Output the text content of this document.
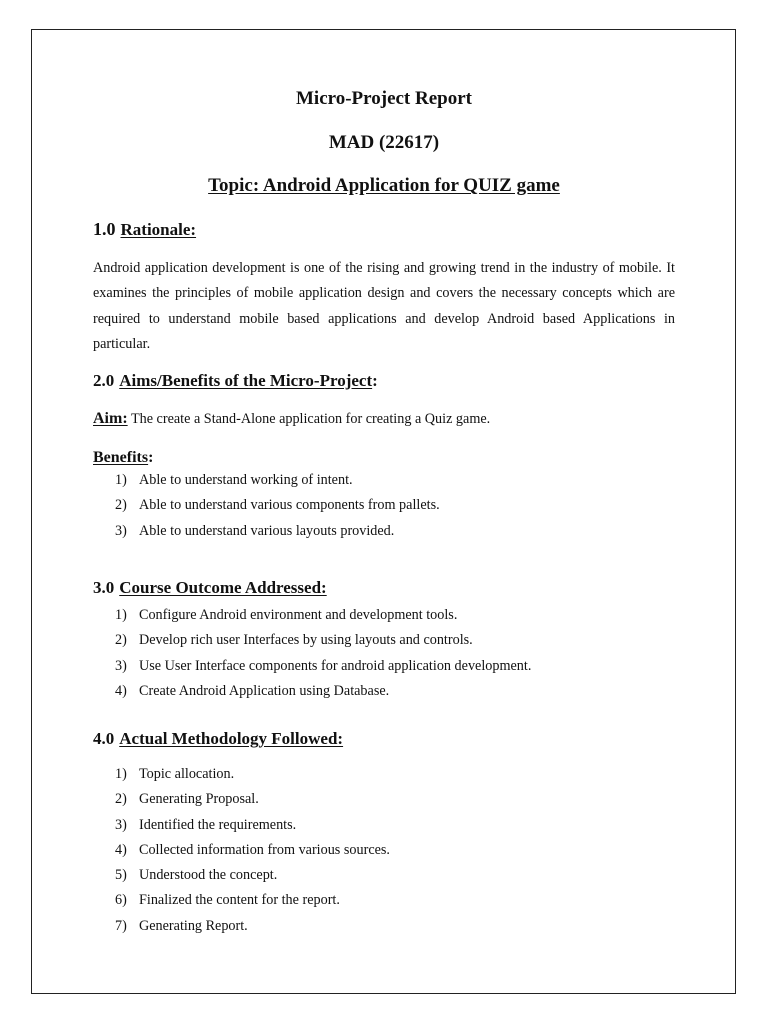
Micro-Project Report
MAD (22617)
Topic: Android Application for QUIZ game
1.0 Rationale:
Android application development is one of the rising and growing trend in the industry of mobile. It examines the principles of mobile application design and covers the necessary concepts which are required to understand mobile based applications and develop Android based Applications in particular.
2.0 Aims/Benefits of the Micro-Project:
Aim: The create a Stand-Alone application for creating a Quiz game.
Benefits:
1) Able to understand working of intent.
2) Able to understand various components from pallets.
3) Able to understand various layouts provided.
3.0 Course Outcome Addressed:
1) Configure Android environment and development tools.
2) Develop rich user Interfaces by using layouts and controls.
3) Use User Interface components for android application development.
4) Create Android Application using Database.
4.0 Actual Methodology Followed:
1) Topic allocation.
2) Generating Proposal.
3) Identified the requirements.
4) Collected information from various sources.
5) Understood the concept.
6) Finalized the content for the report.
7) Generating Report.
